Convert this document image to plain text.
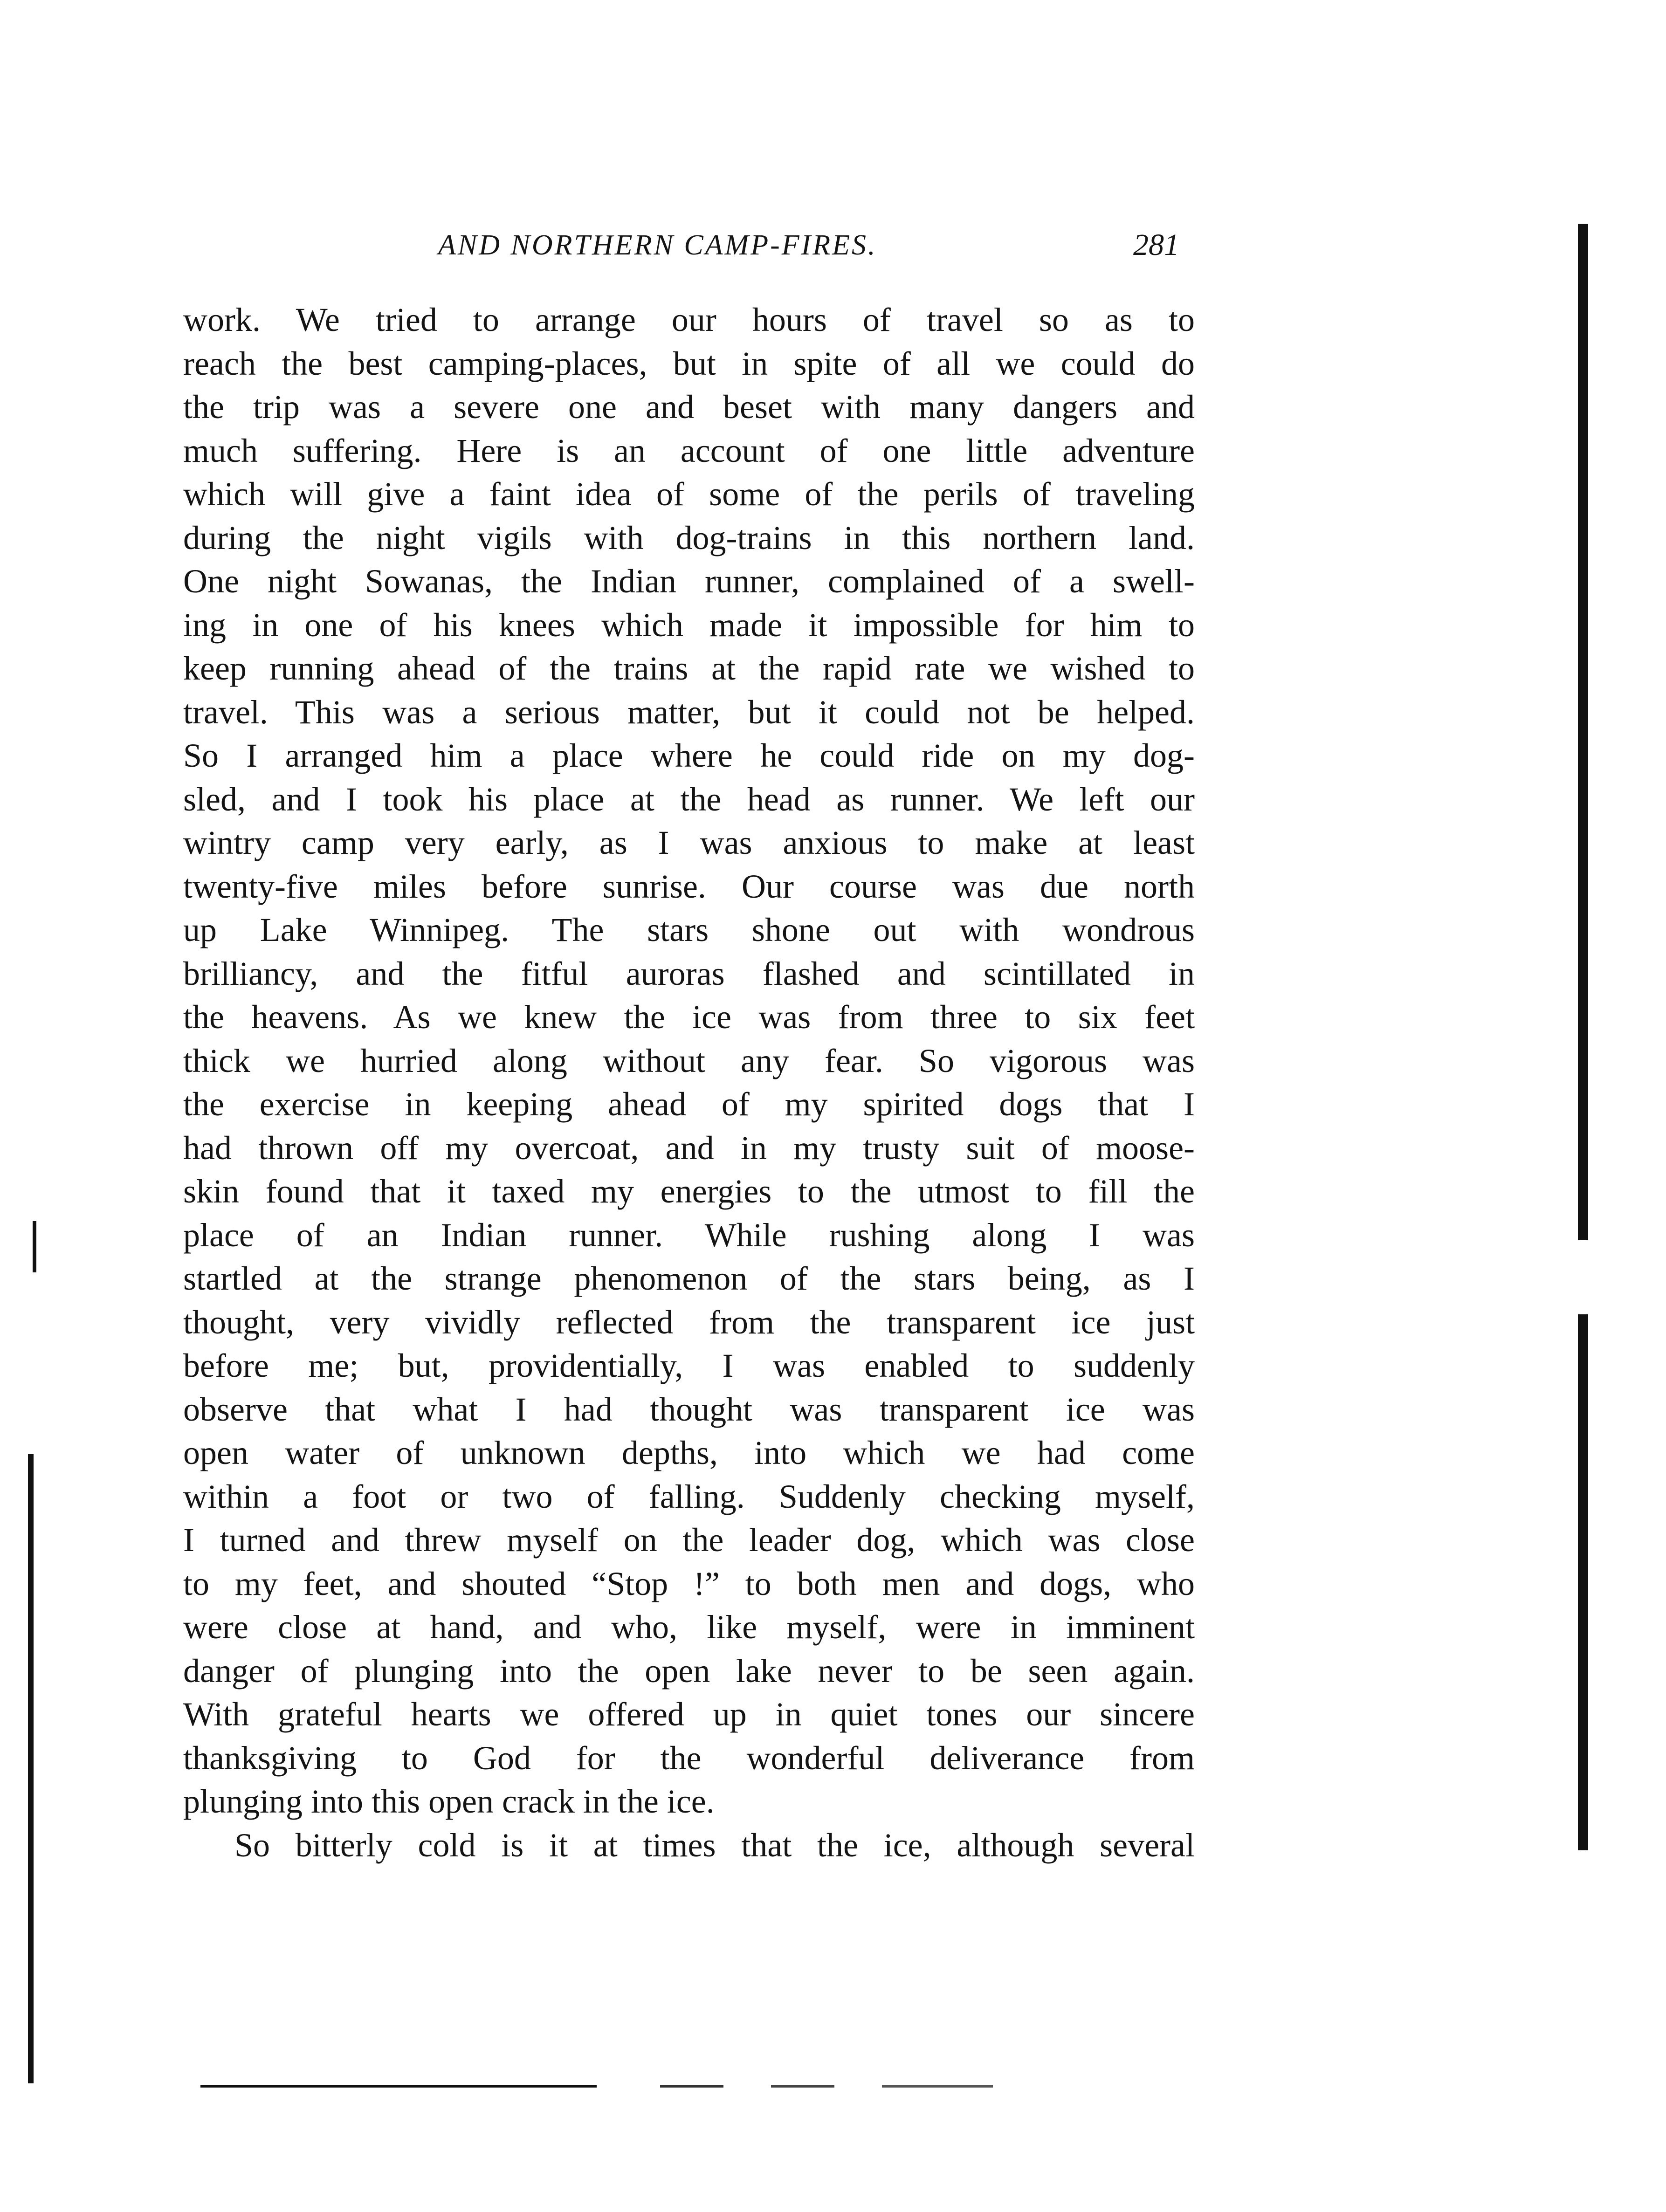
AND NORTHERN CAMP-FIRES.	281
work. We tried to arrange our hours of travel so as to
reach the best camping-places, but in spite of all we could do
the trip was a severe one and beset with many dangers and
much suffering. Here is an account of one little adventure
which will give a faint idea of some of the perils of traveling
during the night vigils with dog-trains in this northern land.
One night Sowanas, the Indian runner, complained of a swell-
ing in one of his knees which made it impossible for him to
keep running ahead of the trains at the rapid rate we wished to
travel. This was a serious matter, but it could not be helped.
So I arranged him a place where he could ride on my dog-
sled, and I took his place at the head as runner. We left our
wintry camp very early, as I was anxious to make at least
twenty-five miles before sunrise. Our course was due north
up Lake Winnipeg. The stars shone out with wondrous
brilliancy, and the fitful auroras flashed and scintillated in
the heavens. As we knew the ice was from three to six feet
thick we hurried along without any fear. So vigorous was
the exercise in keeping ahead of my spirited dogs that I
had thrown off my overcoat, and in my trusty suit of moose-
skin found that it taxed my energies to the utmost to fill the
place of an Indian runner. While rushing along I was
startled at the strange phenomenon of the stars being, as I
thought, very vividly reflected from the transparent ice just
before me; but, providentially, I was enabled to suddenly
observe that what I had thought was transparent ice was
open water of unknown depths, into which we had come
within a foot or two of falling. Suddenly checking myself,
I turned and threw myself on the leader dog, which was close
to my feet, and shouted “Stop !” to both men and dogs, who
were close at hand, and who, like myself, were in imminent
danger of plunging into the open lake never to be seen again.
With grateful hearts we offered up in quiet tones our sincere
thanksgiving to God for the wonderful deliverance from
plunging into this open crack in the ice.
So bitterly cold is it at times that the ice, although several
